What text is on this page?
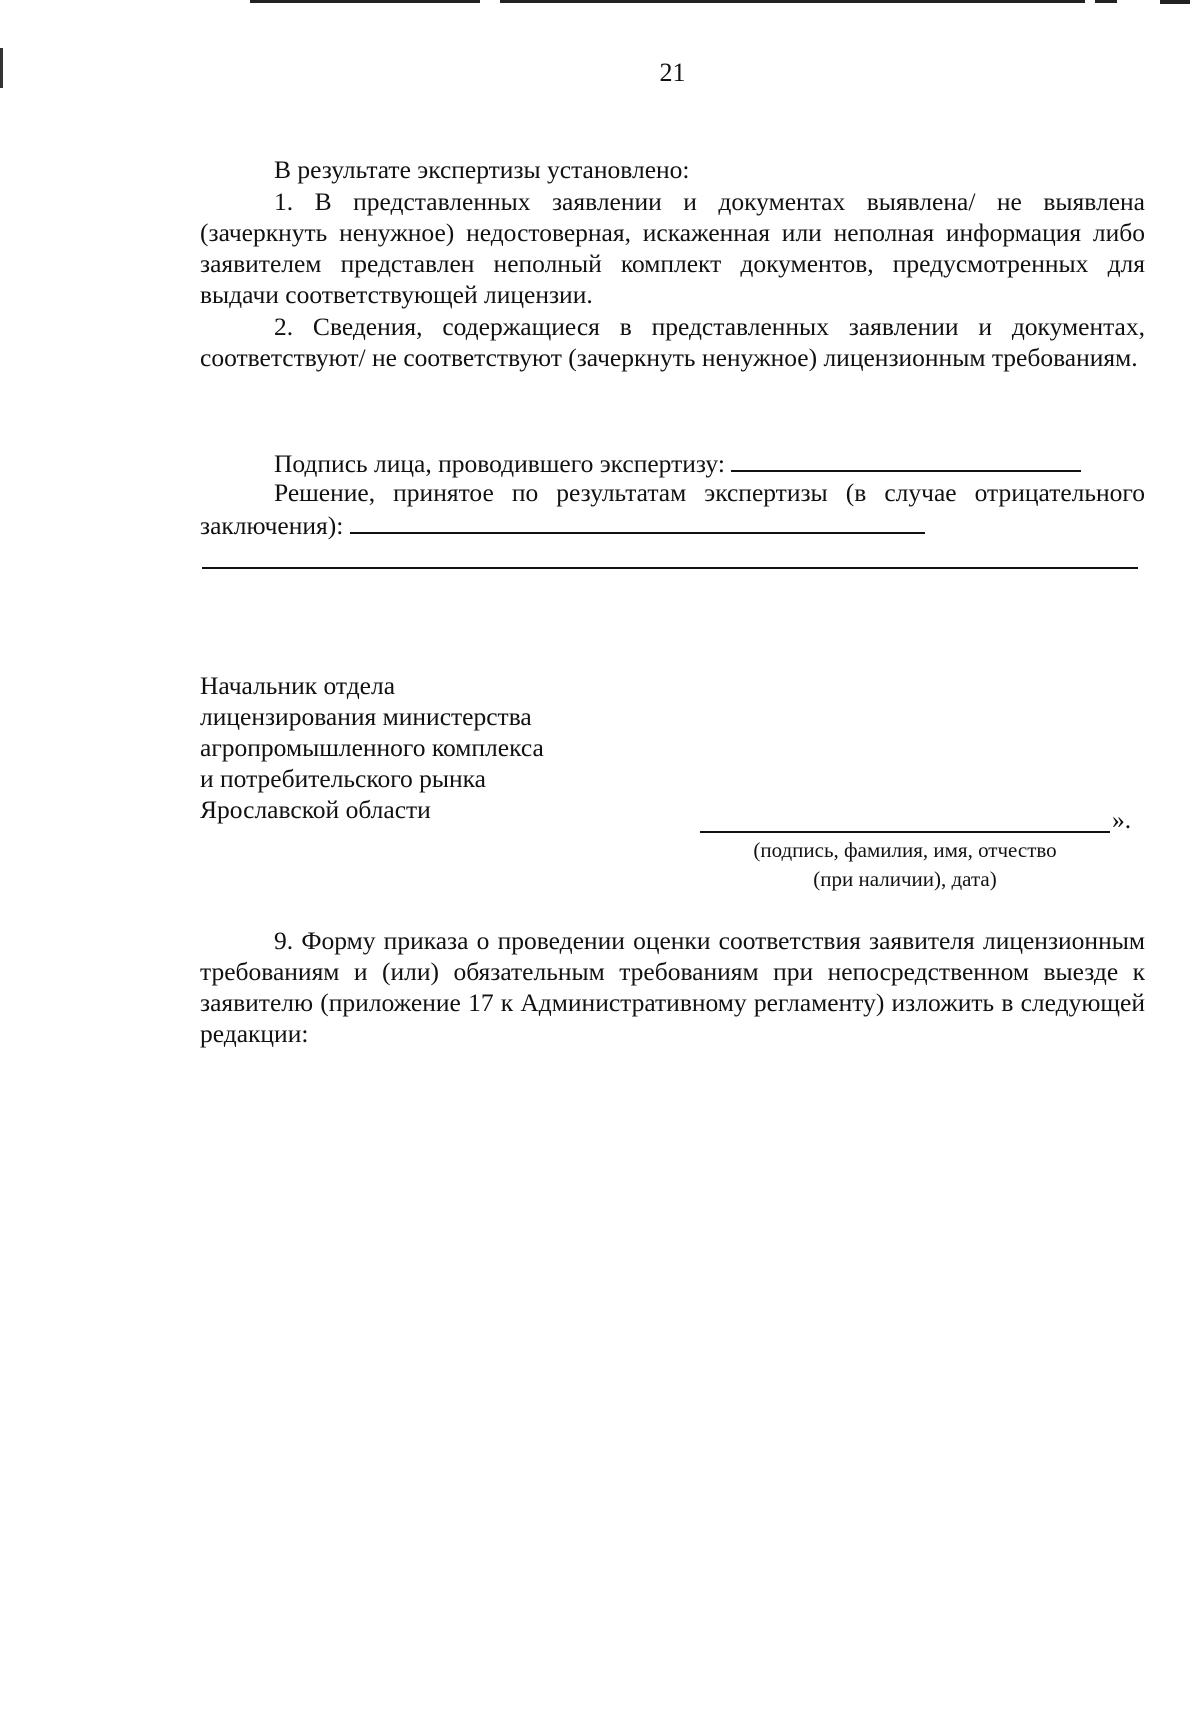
21
В результате экспертизы установлено:
1. В представленных заявлении и документах выявлена/ не выявлена (зачеркнуть ненужное) недостоверная, искаженная или неполная информация либо заявителем представлен неполный комплект документов, предусмотренных для выдачи соответствующей лицензии.
2. Сведения, содержащиеся в представленных заявлении и документах, соответствуют/ не соответствуют (зачеркнуть ненужное) лицензионным требованиям.
Подпись лица, проводившего экспертизу:
Решение, принятое по результатам экспертизы (в случае отрицательного заключения):
Начальник отдела
лицензирования министерства
агропромышленного комплекса
и потребительского рынка
Ярославской области	».
(подпись, фамилия, имя, отчество
(при наличии), дата)
9. Форму приказа о проведении оценки соответствия заявителя лицензионным требованиям и (или) обязательным требованиям при непосредственном выезде к заявителю (приложение 17 к Административному регламенту) изложить в следующей редакции:
